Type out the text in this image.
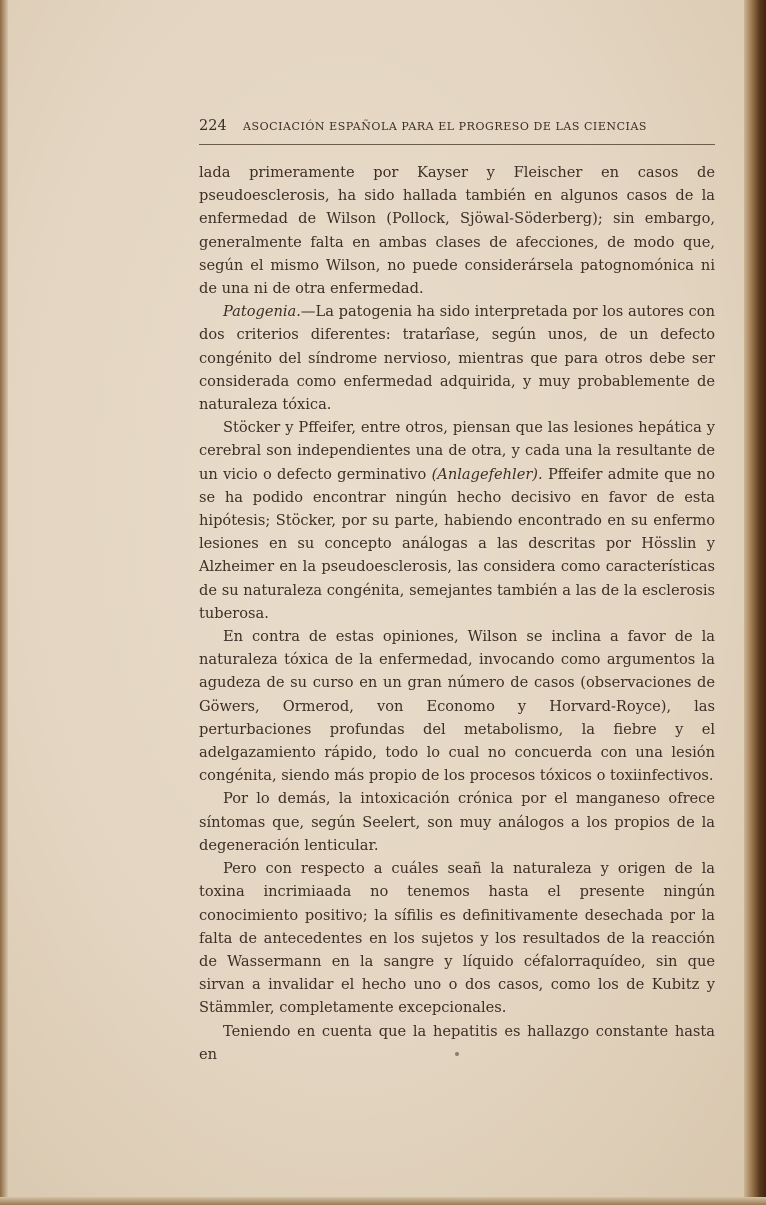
224	ASOCIACIÓN ESPAÑOLA PARA EL PROGRESO DE LAS CIENCIAS

lada primeramente por Kayser y Fleischer en casos de pseudoesclerosis, ha sido hallada también en algunos casos de la enfermedad de Wilson (Pollock, Sjöwal-Söderberg); sin embargo, generalmente falta en ambas clases de afecciones, de modo que, según el mismo Wilson, no puede considerársela patognomónica ni de una ni de otra enfermedad.

Patogenia.—La patogenia ha sido interpretada por los autores con dos criterios diferentes: tratarîase, según unos, de un defecto congénito del síndrome nervioso, mientras que para otros debe ser considerada como enfermedad adquirida, y muy probablemente de naturaleza tóxica.

Stöcker y Pffeifer, entre otros, piensan que las lesiones hepática y cerebral son independientes una de otra, y cada una la resultante de un vicio o defecto germinativo (Anlagefehler). Pffeifer admite que no se ha podido encontrar ningún hecho decisivo en favor de esta hipótesis; Stöcker, por su parte, habiendo encontrado en su enfermo lesiones en su concepto análogas a las descritas por Hösslin y Alzheimer en la pseudoesclerosis, las considera como características de su naturaleza congénita, semejantes también a las de la esclerosis tuberosa.

En contra de estas opiniones, Wilson se inclina a favor de la naturaleza tóxica de la enfermedad, invocando como argumentos la agudeza de su curso en un gran número de casos (observaciones de Göwers, Ormerod, von Economo y Horvard-Royce), las perturbaciones profundas del metabolismo, la fiebre y el adelgazamiento rápido, todo lo cual no concuerda con una lesión congénita, siendo más propio de los procesos tóxicos o toxiinfectivos.

Por lo demás, la intoxicación crónica por el manganeso ofrece síntomas que, según Seelert, son muy análogos a los propios de la degeneración lenticular.

Pero con respecto a cuáles seañ la naturaleza y origen de la toxina incrimiaada no tenemos hasta el presente ningún conocimiento positivo; la sífilis es definitivamente desechada por la falta de antecedentes en los sujetos y los resultados de la reacción de Wassermann en la sangre y líquido céfalorraquídeo, sin que sirvan a invalidar el hecho uno o dos casos, como los de Kubitz y Stämmler, completamente excepcionales.

Teniendo en cuenta que la hepatitis es hallazgo constante hasta en
